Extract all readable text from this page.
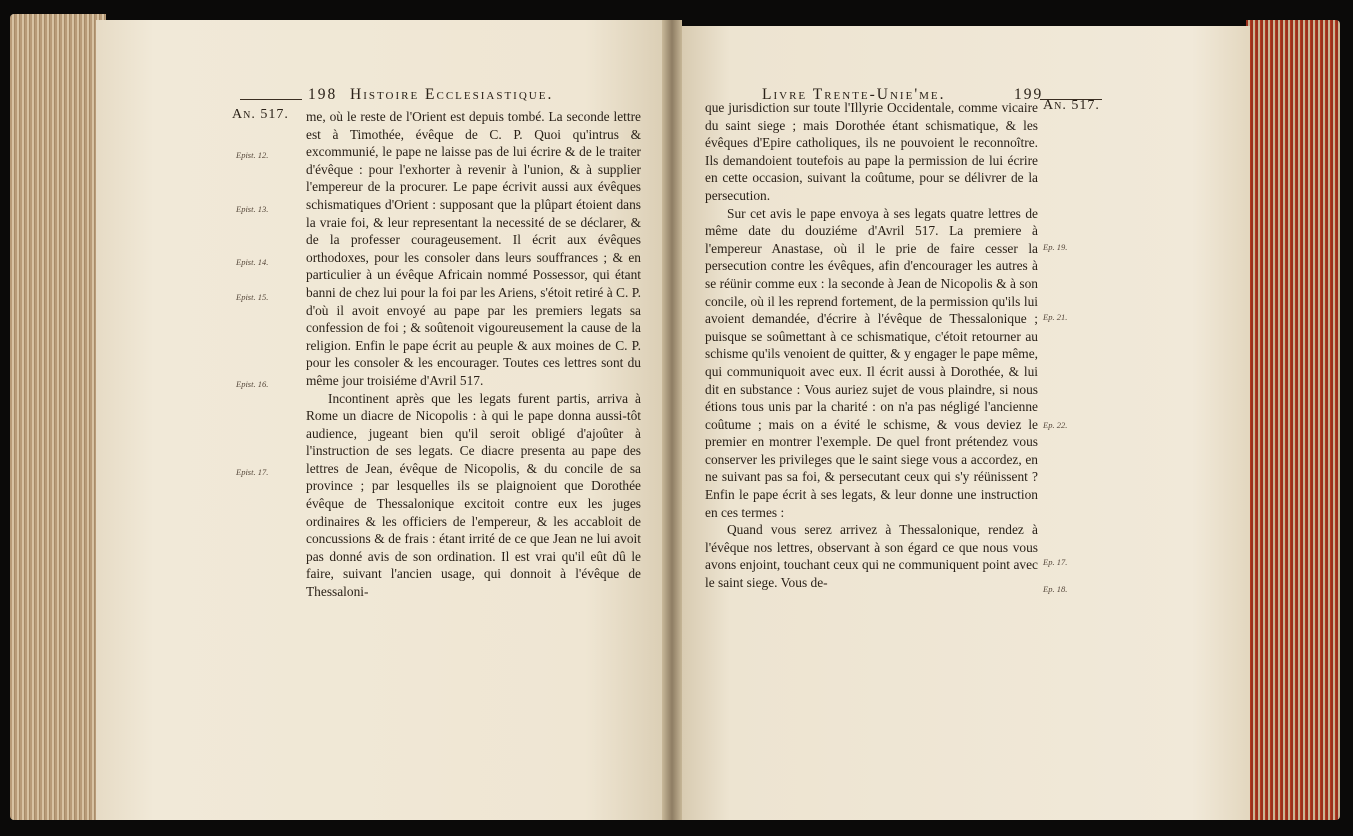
198 Histoire Ecclesiastique.
An. 517.
Epist. 12.
Epist. 13.
Epist. 14.
Epist. 15.
Epist. 16.
Epist. 17.

me, où le reste de l'Orient est depuis tombé. La seconde lettre est à Timothée, évêque de C. P. Quoi qu'intrus & excommunié, le pape ne laisse pas de lui écrire & de le traiter d'évêque : pour l'exhorter à revenir à l'union, & à supplier l'empereur de la procurer. Le pape écrivit aussi aux évêques schismatiques d'Orient : supposant que la plûpart étoient dans la vraie foi, & leur representant la necessité de se déclarer, & de la professer courageusement. Il écrit aux évêques orthodoxes, pour les consoler dans leurs souffrances ; & en particulier à un évêque Africain nommé Possessor, qui étant banni de chez lui pour la foi par les Ariens, s'étoit retiré à C. P. d'où il avoit envoyé au pape par les premiers legats sa confession de foi ; & soûtenoit vigoureusement la cause de la religion. Enfin le pape écrit au peuple & aux moines de C. P. pour les consoler & les encourager. Toutes ces lettres sont du même jour troisiéme d'Avril 517.

Incontinent après que les legats furent partis, arriva à Rome un diacre de Nicopolis : à qui le pape donna aussi-tôt audience, jugeant bien qu'il seroit obligé d'ajoûter à l'instruction de ses legats. Ce diacre presenta au pape des lettres de Jean, évêque de Nicopolis, & du concile de sa province ; par lesquelles ils se plaignoient que Dorothée évêque de Thessalonique excitoit contre eux les juges ordinaires & les officiers de l'empereur, & les accabloit de concussions & de frais : étant irrité de ce que Jean ne lui avoit pas donné avis de son ordination. Il est vrai qu'il eût dû le faire, suivant l'ancien usage, qui donnoit à l'évêque de Thessaloni-

Livre Trente-Unie'me.	199
An. 517.
Ep. 19.
Ep. 21.
Ep. 22.
Ep. 17.
Ep. 18.

que jurisdiction sur toute l'Illyrie Occidentale, comme vicaire du saint siege ; mais Dorothée étant schismatique, & les évêques d'Epire catholiques, ils ne pouvoient le reconnoître. Ils demandoient toutefois au pape la permission de lui écrire en cette occasion, suivant la coûtume, pour se délivrer de la persecution.

Sur cet avis le pape envoya à ses legats quatre lettres de même date du douziéme d'Avril 517. La premiere à l'empereur Anastase, où il le prie de faire cesser la persecution contre les évêques, afin d'encourager les autres à se réünir comme eux : la seconde à Jean de Nicopolis & à son concile, où il les reprend fortement, de la permission qu'ils lui avoient demandée, d'écrire à l'évêque de Thessalonique ; puisque se soûmettant à ce schismatique, c'étoit retourner au schisme qu'ils venoient de quitter, & y engager le pape même, qui communiquoit avec eux. Il écrit aussi à Dorothée, & lui dit en substance : Vous auriez sujet de vous plaindre, si nous étions tous unis par la charité : on n'a pas négligé l'ancienne coûtume ; mais on a évité le schisme, & vous deviez le premier en montrer l'exemple. De quel front prétendez vous conserver les privileges que le saint siege vous a accordez, en ne suivant pas sa foi, & persecutant ceux qui s'y réünissent ? Enfin le pape écrit à ses legats, & leur donne une instruction en ces termes :

Quand vous serez arrivez à Thessalonique, rendez à l'évêque nos lettres, observant à son égard ce que nous vous avons enjoint, touchant ceux qui ne communiquent point avec le saint siege. Vous de-
